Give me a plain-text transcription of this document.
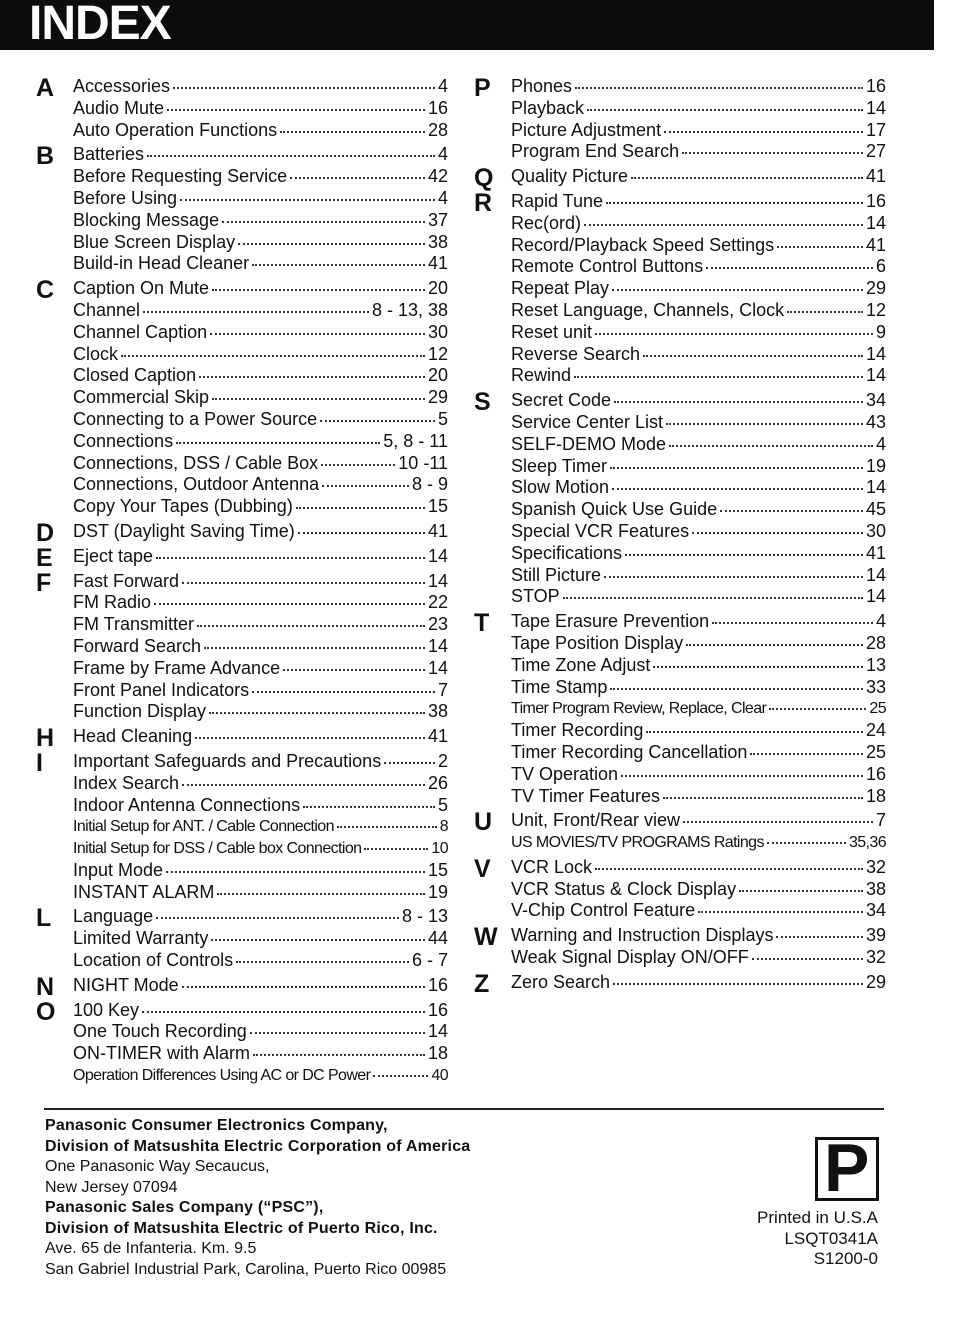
INDEX
A	Accessories	4
Audio Mute	16
Auto Operation Functions	28
B	Batteries	4
Before Requesting Service	42
Before Using	4
Blocking Message	37
Blue Screen Display	38
Build-in Head Cleaner	41
C	Caption On Mute	20
Channel	8 - 13, 38
Channel Caption	30
Clock	12
Closed Caption	20
Commercial Skip	29
Connecting to a Power Source	5
Connections	5, 8 - 11
Connections, DSS / Cable Box	10 -11
Connections, Outdoor Antenna	8 - 9
Copy Your Tapes (Dubbing)	15
D	DST (Daylight Saving Time)	41
E	Eject tape	14
F	Fast Forward	14
FM Radio	22
FM Transmitter	23
Forward Search	14
Frame by Frame Advance	14
Front Panel Indicators	7
Function Display	38
H	Head Cleaning	41
I	Important Safeguards and Precautions	2
Index Search	26
Indoor Antenna Connections	5
Initial Setup for ANT. / Cable Connection	8
Initial Setup for DSS / Cable box Connection	10
Input Mode	15
INSTANT ALARM	19
L	Language	8 - 13
Limited Warranty	44
Location of Controls	6 - 7
N	NIGHT Mode	16
O 100 Key	16
One Touch Recording	14
ON-TIMER with Alarm	18
Operation Differences Using AC or DC Power	40
P	Phones	16
Playback	14
Picture Adjustment	17
Program End Search	27
Q Quality Picture	41
R	Rapid Tune	16
Rec(ord)	14
Record/Playback Speed Settings	41
Remote Control Buttons	6
Repeat Play	29
Reset Language, Channels, Clock	12
Reset unit	9
Reverse Search	14
Rewind	14
S	Secret Code	34
Service Center List	43
SELF-DEMO Mode	4
Sleep Timer	19
Slow Motion	14
Spanish Quick Use Guide	45
Special VCR Features	30
Specifications	41
Still Picture	14
STOP	14
T	Tape Erasure Prevention	4
Tape Position Display	28
Time Zone Adjust	13
Time Stamp	33
Timer Program Review, Replace, Clear	25
Timer Recording	24
Timer Recording Cancellation	25
TV Operation	16
TV Timer Features	18
U	Unit, Front/Rear view	7
US MOVIES/TV PROGRAMS Ratings	35,36
V	VCR Lock	32
VCR Status & Clock Display	38
V-Chip Control Feature	34
W Warning and Instruction Displays	39
Weak Signal Display ON/OFF	32
Z	Zero Search	29
Panasonic Consumer Electronics Company,
Division of Matsushita Electric Corporation of America
One Panasonic Way Secaucus,
New Jersey 07094
Panasonic Sales Company (“PSC”),
Division of Matsushita Electric of Puerto Rico, Inc.
Ave. 65 de Infanteria. Km. 9.5
San Gabriel Industrial Park, Carolina, Puerto Rico 00985
P
Printed in U.S.A
LSQT0341A
S1200-0
